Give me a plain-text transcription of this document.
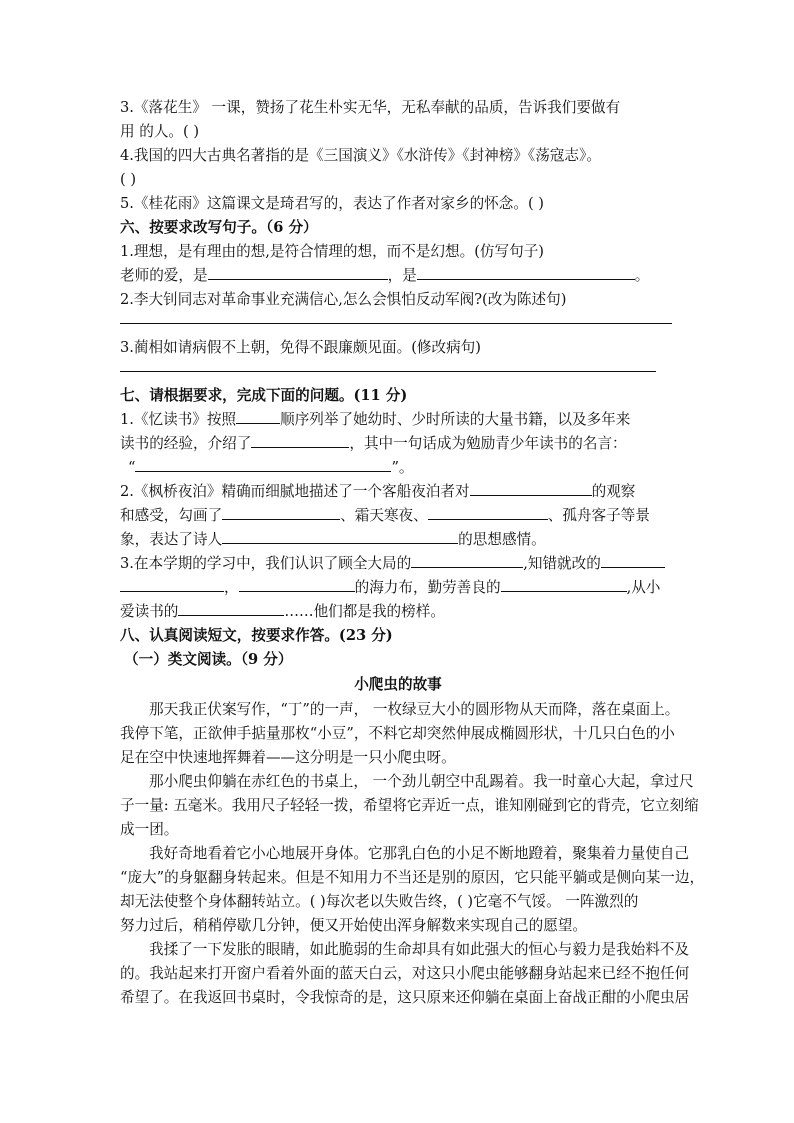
3.《落花生》 一课，赞扬了花生朴实无华，无私奉献的品质，告诉我们要做有
用 的人。( )
4.我国的四大古典名著指的是《三国演义》《水浒传》《封神榜》《荡寇志》。
( )
5.《桂花雨》这篇课文是琦君写的，表达了作者对家乡的怀念。( )
六、按要求改写句子。（6 分）
1.理想，是有理由的想,是符合情理的想，而不是幻想。(仿写句子)
老师的爱，是	，是	。
2.李大钊同志对革命事业充满信心,怎么会惧怕反动军阀?(改为陈述句)
3.蔺相如请病假不上朝，免得不跟廉颇见面。(修改病句)
七、请根据要求，完成下面的问题。(11 分)
1.《忆读书》按照	顺序列举了她幼时、少时所读的大量书籍，以及多年来
读书的经验，介绍了	，其中一句话成为勉励青少年读书的名言：
“	”。
2.《枫桥夜泊》精确而细腻地描述了一个客船夜泊者对	的观察
和感受，勾画了	、霜天寒夜、	、孤舟客子等景
象，表达了诗人	的思想感情。
3.在本学期的学习中，我们认识了顾全大局的	,知错就改的
，	的海力布，勤劳善良的	,从小
爱读书的	……他们都是我的榜样。
八、认真阅读短文，按要求作答。(23 分)
（一）类文阅读。（9 分）
小爬虫的故事
那天我正伏案写作，“丁”的一声， 一枚绿豆大小的圆形物从天而降，落在桌面上。
我停下笔，正欲伸手掂量那枚“小豆”，不料它却突然伸展成椭圆形状，十几只白色的小
足在空中快速地挥舞着——这分明是一只小爬虫呀。
那小爬虫仰躺在赤红色的书桌上， 一个劲儿朝空中乱踢着。我一时童心大起，拿过尺
子一量: 五毫米。我用尺子轻轻一拨，希望将它弄近一点，谁知刚碰到它的背壳，它立刻缩
成一团。
我好奇地看着它小心地展开身体。它那乳白色的小足不断地蹬着，聚集着力量使自己
“庞大”的身躯翻身转起来。但是不知用力不当还是别的原因，它只能平躺或是侧向某一边，
却无法使整个身体翻转站立。( )每次老以失败告终，( )它毫不气馁。 一阵激烈的
努力过后，稍稍停歇几分钟，便又开始使出浑身解数来实现自己的愿望。
我揉了一下发胀的眼睛，如此脆弱的生命却具有如此强大的恒心与毅力是我始料不及
的。我站起来打开窗户看着外面的蓝天白云，对这只小爬虫能够翻身站起来已经不抱任何
希望了。在我返回书桌时，令我惊奇的是，这只原来还仰躺在桌面上奋战正酣的小爬虫居
